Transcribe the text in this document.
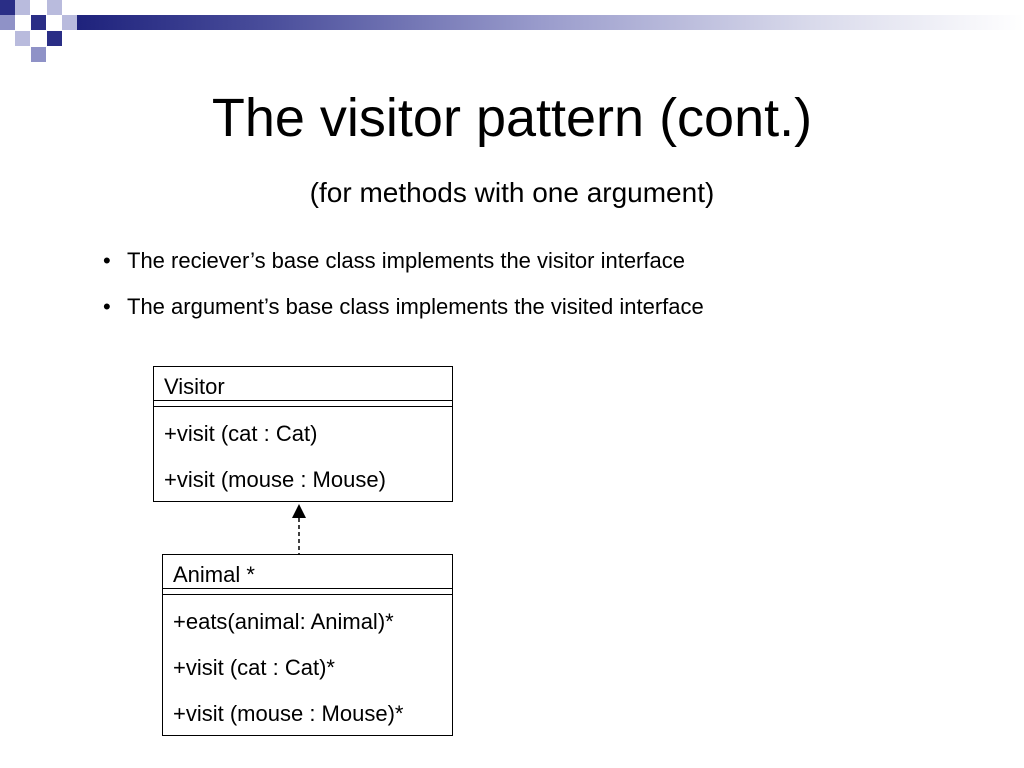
The visitor pattern (cont.)
(for methods with one argument)
• The reciever’s base class implements the visitor interface
• The argument’s base class implements the visited interface
Visitor
+visit (cat : Cat)
+visit (mouse : Mouse)
Animal *
+eats(animal: Animal)*
+visit (cat : Cat)*
+visit (mouse : Mouse)*
